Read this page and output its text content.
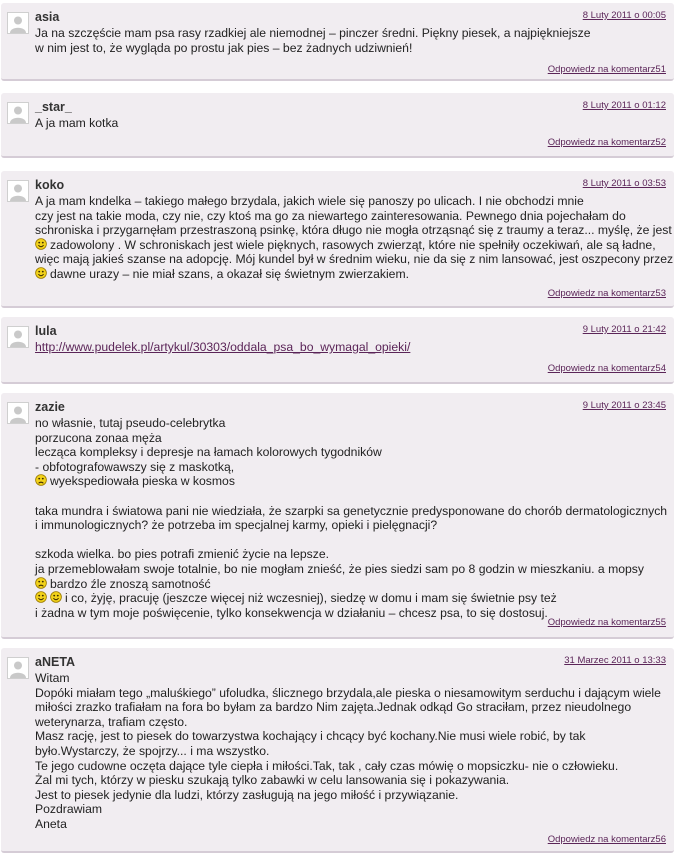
asia	8 Luty 2011 o 00:05
Ja na szczęście mam psa rasy rzadkiej ale niemodnej – pinczer średni. Piękny piesek, a najpiękniejsze
w nim jest to, że wygląda po prostu jak pies – bez żadnych udziwnień!
Odpowiedz na komentarz51
_star_	8 Luty 2011 o 01:12
A ja mam kotka
Odpowiedz na komentarz52
koko	8 Luty 2011 o 03:53
A ja mam kndelka – takiego małego brzydala, jakich wiele się panoszy po ulicach. I nie obchodzi mnie
czy jest na takie moda, czy nie, czy ktoś ma go za niewartego zainteresowania. Pewnego dnia pojechałam do
schroniska i przygarnęłam przestraszoną psinkę, która długo nie mogła otrząsnąć się z traumy a teraz... myślę, że jest
zadowolony . W schroniskach jest wiele pięknych, rasowych zwierząt, które nie spełniły oczekiwań, ale są ładne,
więc mają jakieś szanse na adopcję. Mój kundel był w średnim wieku, nie da się z nim lansować, jest oszpecony przez
dawne urazy – nie miał szans, a okazał się świetnym zwierzakiem.
Odpowiedz na komentarz53
lula	9 Luty 2011 o 21:42
http://www.pudelek.pl/artykul/30303/oddala_psa_bo_wymagal_opieki/
Odpowiedz na komentarz54
zazie	9 Luty 2011 o 23:45
no własnie, tutaj pseudo-celebrytka
porzucona zonaa męża
lecząca kompleksy i depresje na łamach kolorowych tygodników
- obfotografowawszy się z maskotką,
wyekspediowała pieska w kosmos
taka mundra i światowa pani nie wiedziała, że szarpki sa genetycznie predysponowane do chorób dermatologicznych
i immunologicznych? że potrzeba im specjalnej karmy, opieki i pielęgnacji?
szkoda wielka. bo pies potrafi zmienić życie na lepsze.
ja przemeblowałam swoje totalnie, bo nie mogłam znieść, że pies siedzi sam po 8 godzin w mieszkaniu. a mopsy
bardzo źle znoszą samotność
i co, żyję, pracuję (jeszcze więcej niż wczesniej), siedzę w domu i mam się świetnie psy też
i żadna w tym moje poświęcenie, tylko konsekwencja w działaniu – chcesz psa, to się dostosuj.
Odpowiedz na komentarz55
aNETA	31 Marzec 2011 o 13:33
Witam
Dopóki miałam tego „maluśkiego” ufoludka, ślicznego brzydala,ale pieska o niesamowitym serduchu i dającym wiele
miłości zrazko trafiałam na fora bo byłam za bardzo Nim zajęta.Jednak odkąd Go straciłam, przez nieudolnego
weterynarza, trafiam często.
Masz rację, jest to piesek do towarzystwa kochający i chcący być kochany.Nie musi wiele robić, by tak
było.Wystarczy, że spojrzy... i ma wszystko.
Te jego cudowne oczęta dające tyle ciepła i miłości.Tak, tak , cały czas mówię o mopsiczku- nie o człowieku.
Żal mi tych, którzy w piesku szukają tylko zabawki w celu lansowania się i pokazywania.
Jest to piesek jedynie dla ludzi, którzy zasługują na jego miłość i przywiązanie.
Pozdrawiam
Aneta
Odpowiedz na komentarz56
